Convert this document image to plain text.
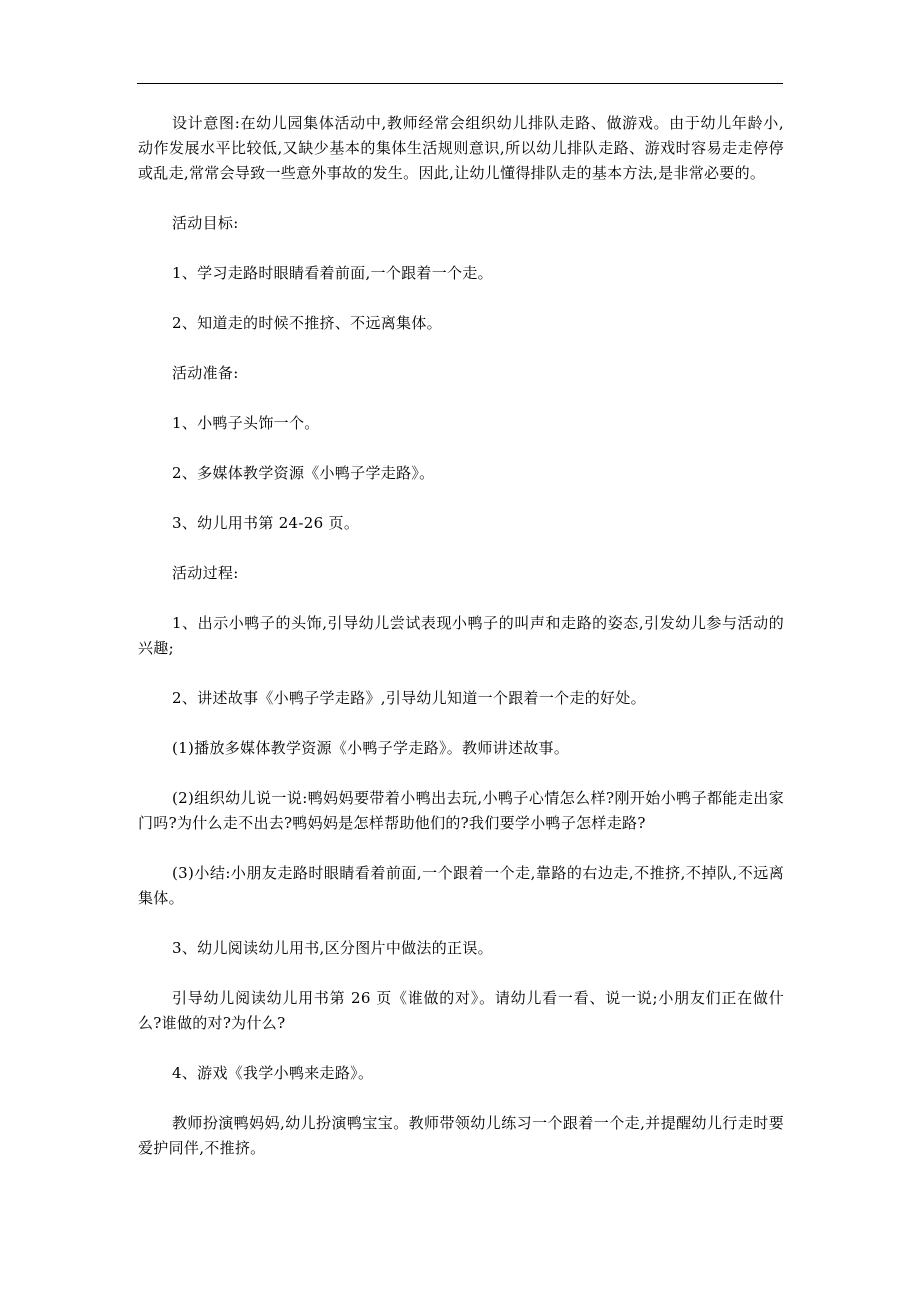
设计意图:在幼儿园集体活动中,教师经常会组织幼儿排队走路、做游戏。由于幼儿年龄小,动作发展水平比较低,又缺少基本的集体生活规则意识,所以幼儿排队走路、游戏时容易走走停停或乱走,常常会导致一些意外事故的发生。因此,让幼儿懂得排队走的基本方法,是非常必要的。

活动目标:

1、学习走路时眼睛看着前面,一个跟着一个走。

2、知道走的时候不推挤、不远离集体。

活动准备:

1、小鸭子头饰一个。

2、多媒体教学资源《小鸭子学走路》。

3、幼儿用书第 24-26 页。

活动过程:

1、出示小鸭子的头饰,引导幼儿尝试表现小鸭子的叫声和走路的姿态,引发幼儿参与活动的兴趣;

2、讲述故事《小鸭子学走路》,引导幼儿知道一个跟着一个走的好处。

(1)播放多媒体教学资源《小鸭子学走路》。教师讲述故事。

(2)组织幼儿说一说:鸭妈妈要带着小鸭出去玩,小鸭子心情怎么样?刚开始小鸭子都能走出家门吗?为什么走不出去?鸭妈妈是怎样帮助他们的?我们要学小鸭子怎样走路?

(3)小结:小朋友走路时眼睛看着前面,一个跟着一个走,靠路的右边走,不推挤,不掉队,不远离集体。

3、幼儿阅读幼儿用书,区分图片中做法的正误。

引导幼儿阅读幼儿用书第 26 页《谁做的对》。请幼儿看一看、说一说;小朋友们正在做什么?谁做的对?为什么?

4、游戏《我学小鸭来走路》。

教师扮演鸭妈妈,幼儿扮演鸭宝宝。教师带领幼儿练习一个跟着一个走,并提醒幼儿行走时要爱护同伴,不推挤。
